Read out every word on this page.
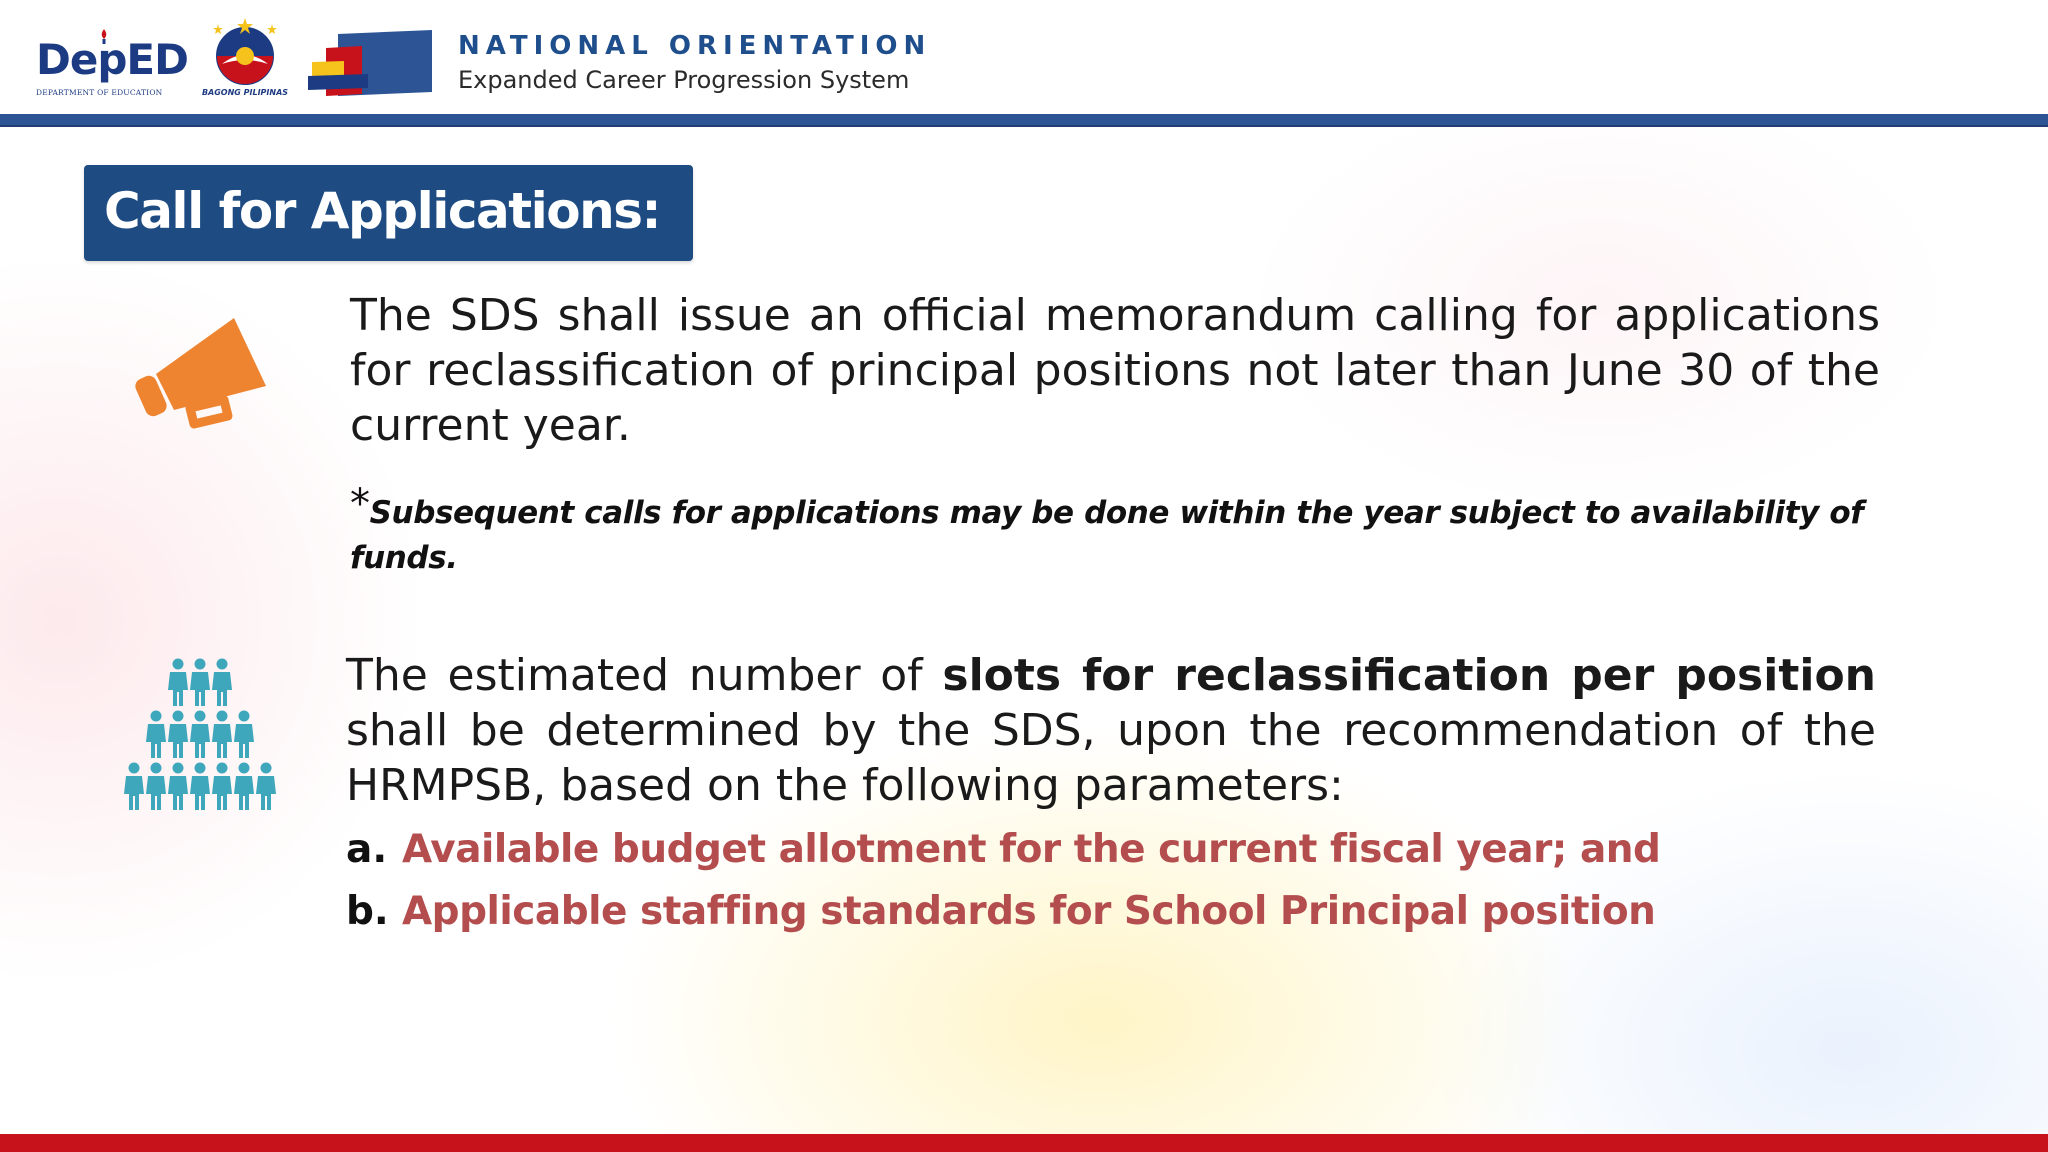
DepED
DEPARTMENT OF EDUCATION	BAGONG PILIPINAS
NATIONAL ORIENTATION
Expanded Career Progression System
Call for Applications:
The SDS shall issue an official memorandum calling for applications for reclassification of principal positions not later than June 30 of the current year.
*Subsequent calls for applications may be done within the year subject to availability of funds.
The estimated number of slots for reclassification per position shall be determined by the SDS, upon the recommendation of the HRMPSB, based on the following parameters:
a. Available budget allotment for the current fiscal year; and
b. Applicable staffing standards for School Principal position
